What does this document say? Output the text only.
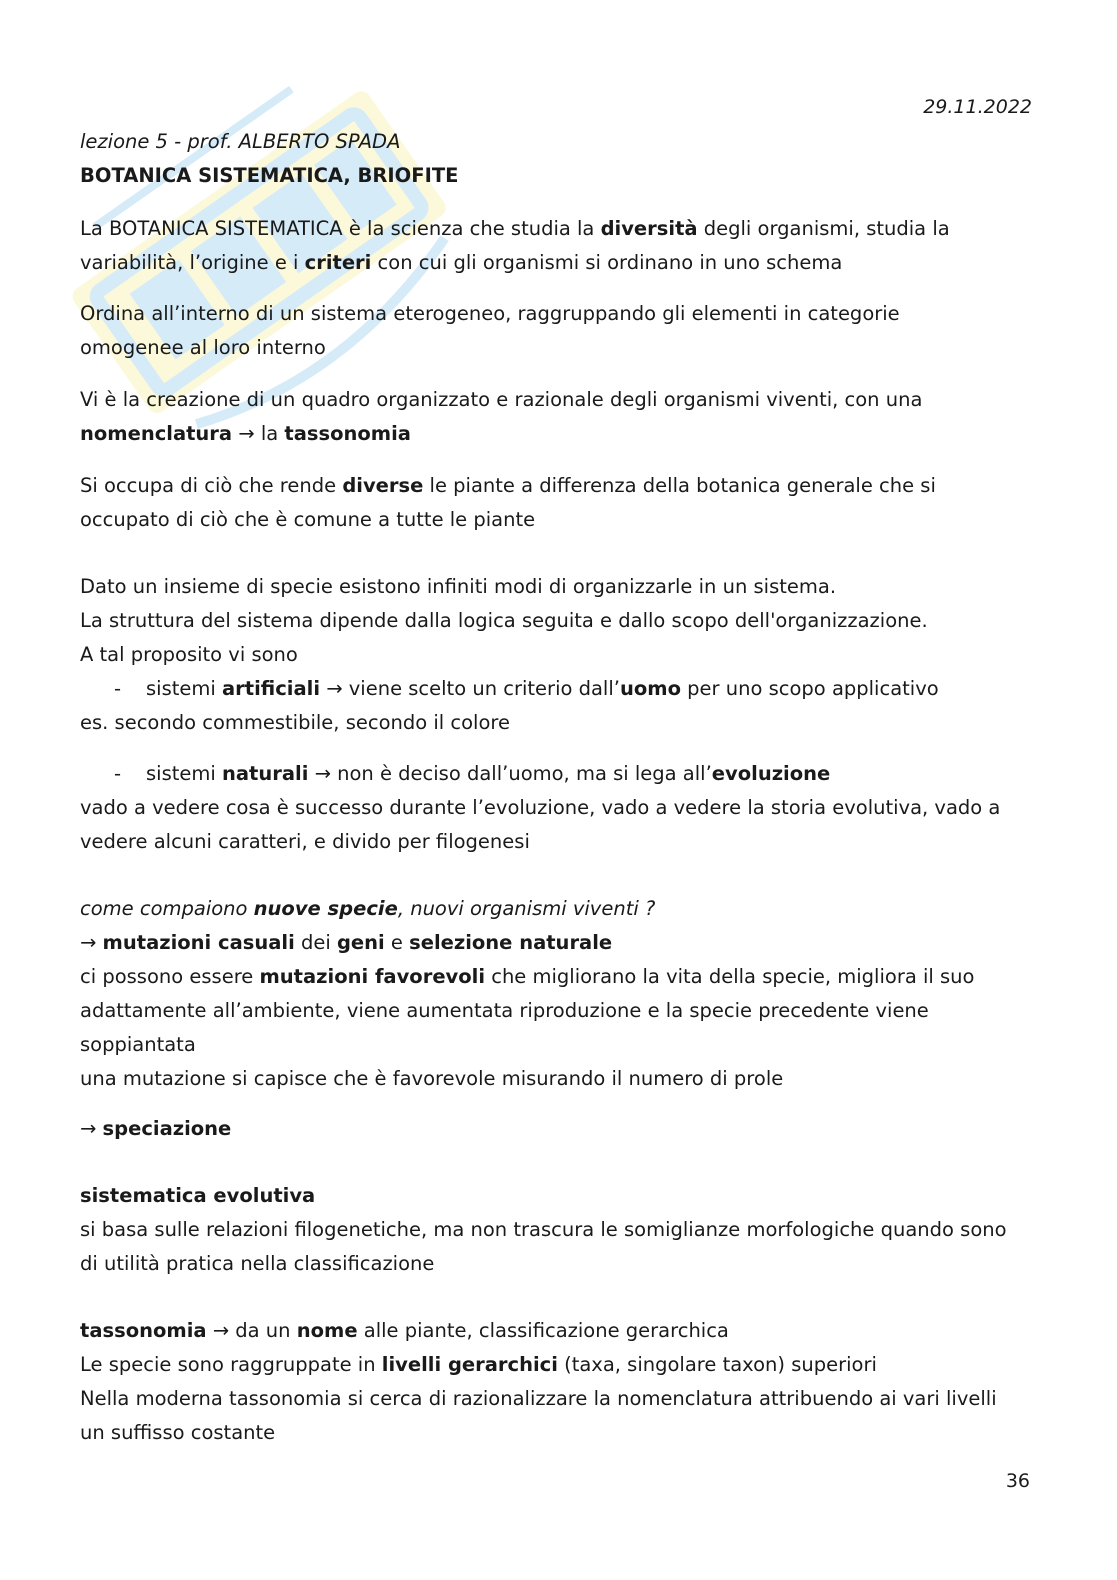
29.11.2022
lezione 5 - prof. ALBERTO SPADA
BOTANICA SISTEMATICA, BRIOFITE
La BOTANICA SISTEMATICA è la scienza che studia la diversità degli organismi, studia la
variabilità, l’origine e i criteri con cui gli organismi si ordinano in uno schema
Ordina all’interno di un sistema eterogeneo, raggruppando gli elementi in categorie
omogenee al loro interno
Vi è la creazione di un quadro organizzato e razionale degli organismi viventi, con una
nomenclatura → la tassonomia
Si occupa di ciò che rende diverse le piante a differenza della botanica generale che si
occupato di ciò che è comune a tutte le piante
Dato un insieme di specie esistono infiniti modi di organizzarle in un sistema.
La struttura del sistema dipende dalla logica seguita e dallo scopo dell'organizzazione.
A tal proposito vi sono

- sistemi artificiali → viene scelto un criterio dall’uomo per uno scopo applicativo
es. secondo commestibile, secondo il colore
- sistemi naturali → non è deciso dall’uomo, ma si lega all’evoluzione
vado a vedere cosa è successo durante l’evoluzione, vado a vedere la storia evolutiva, vado a
vedere alcuni caratteri, e divido per filogenesi
come compaiono nuove specie, nuovi organismi viventi ?
→ mutazioni casuali dei geni e selezione naturale
ci possono essere mutazioni favorevoli che migliorano la vita della specie, migliora il suo
adattamente all’ambiente, viene aumentata riproduzione e la specie precedente viene
soppiantata
una mutazione si capisce che è favorevole misurando il numero di prole
→ speciazione
sistematica evolutiva
si basa sulle relazioni filogenetiche, ma non trascura le somiglianze morfologiche quando sono
di utilità pratica nella classificazione
tassonomia → da un nome alle piante, classificazione gerarchica
Le specie sono raggruppate in livelli gerarchici (taxa, singolare taxon) superiori
Nella moderna tassonomia si cerca di razionalizzare la nomenclatura attribuendo ai vari livelli
un suffisso costante
36
